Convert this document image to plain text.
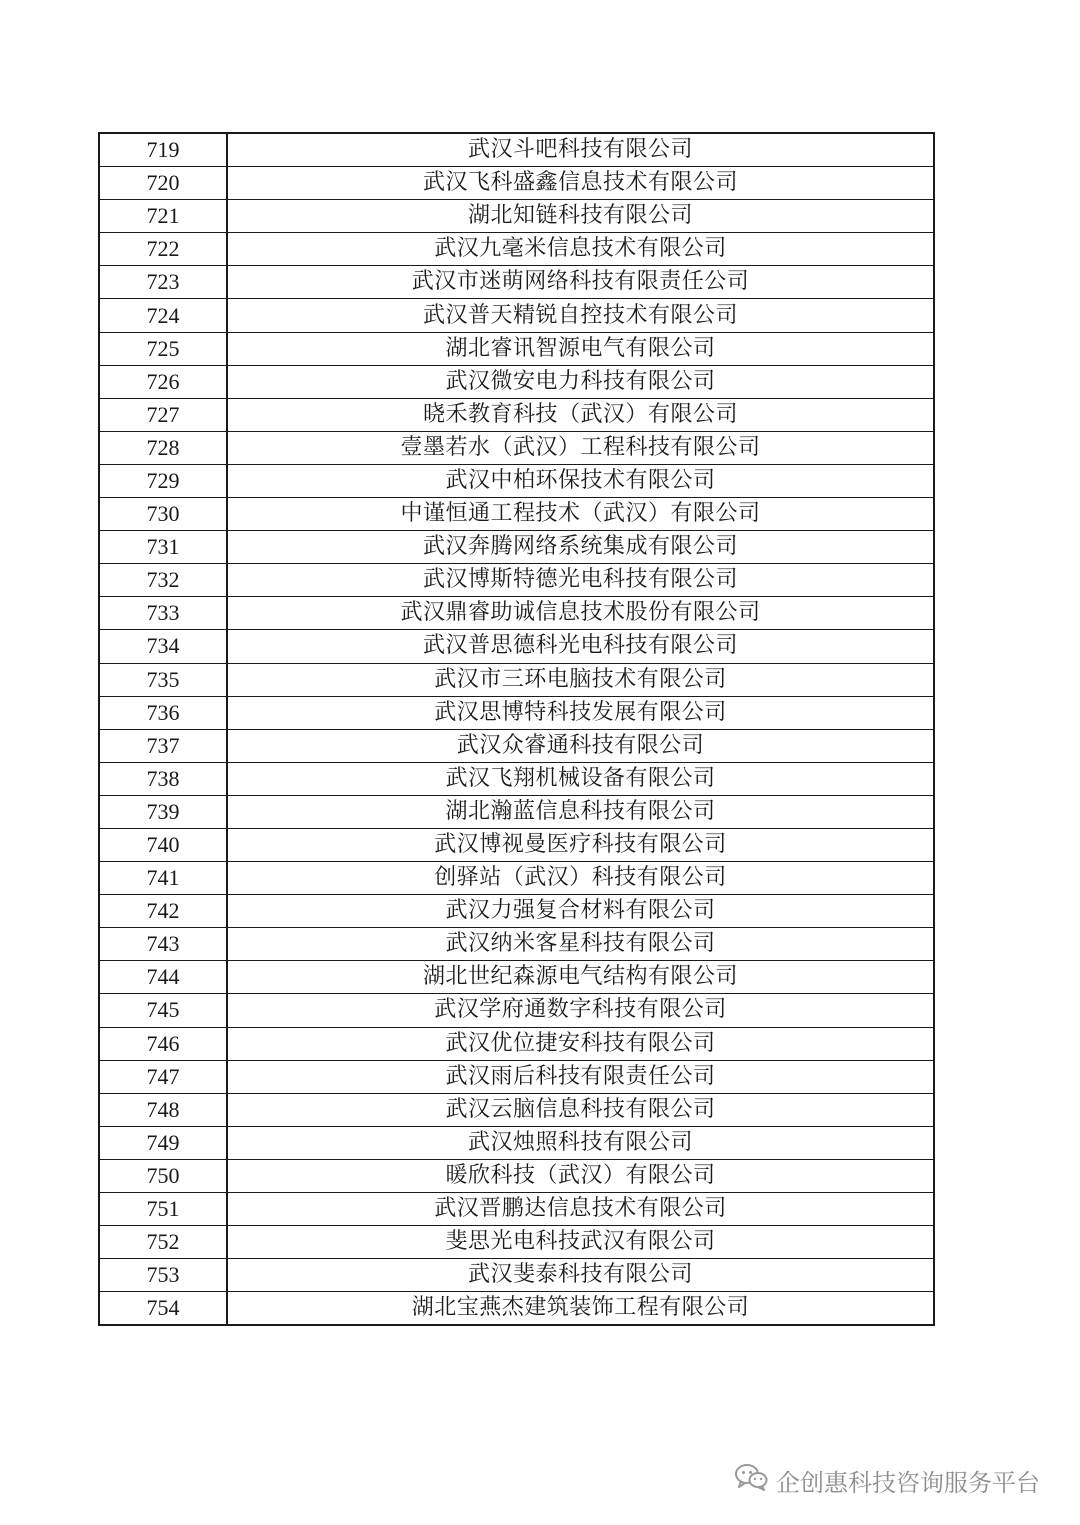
719	武汉斗吧科技有限公司
720	武汉飞科盛鑫信息技术有限公司
721	湖北知链科技有限公司
722	武汉九毫米信息技术有限公司
723	武汉市迷萌网络科技有限责任公司
724	武汉普天精锐自控技术有限公司
725	湖北睿讯智源电气有限公司
726	武汉微安电力科技有限公司
727	晓禾教育科技（武汉）有限公司
728	壹墨若水（武汉）工程科技有限公司
729	武汉中柏环保技术有限公司
730	中谨恒通工程技术（武汉）有限公司
731	武汉奔腾网络系统集成有限公司
732	武汉博斯特德光电科技有限公司
733	武汉鼎睿助诚信息技术股份有限公司
734	武汉普思德科光电科技有限公司
735	武汉市三环电脑技术有限公司
736	武汉思博特科技发展有限公司
737	武汉众睿通科技有限公司
738	武汉飞翔机械设备有限公司
739	湖北瀚蓝信息科技有限公司
740	武汉博视曼医疗科技有限公司
741	创驿站（武汉）科技有限公司
742	武汉力强复合材料有限公司
743	武汉纳米客星科技有限公司
744	湖北世纪森源电气结构有限公司
745	武汉学府通数字科技有限公司
746	武汉优位捷安科技有限公司
747	武汉雨后科技有限责任公司
748	武汉云脑信息科技有限公司
749	武汉烛照科技有限公司
750	暖欣科技（武汉）有限公司
751	武汉晋鹏达信息技术有限公司
752	斐思光电科技武汉有限公司
753	武汉斐泰科技有限公司
754	湖北宝燕杰建筑装饰工程有限公司
企创惠科技咨询服务平台
